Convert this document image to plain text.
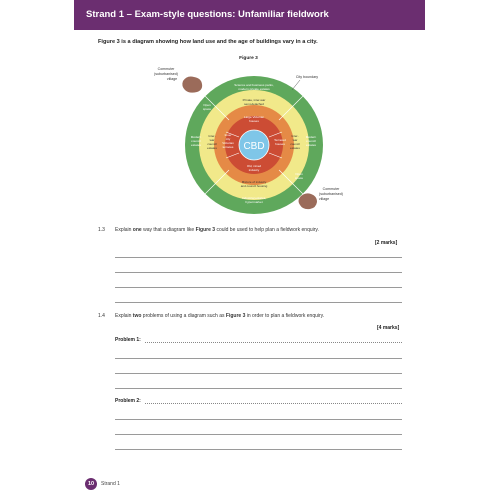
Strand 1 – Exam-style questions: Unfamiliar fieldwork
Figure 3 is a diagram showing how land use and the age of buildings vary in a city.
Figure 3
Commuter
(suburbanised)
village	City boundary
Commuter
(suburbanised)
village
Science and business parks,
modern private estates
Open
space
Modern
council
estates
Modern
council
estates
Open
space
Industrial estates,
hypermarket
Private, inter-war
semi-detached
Inter-
war
council
estates
Inter-
war
council
estates
Mixture of industry
and council housing
Large Victorian
houses
Inner
city
Victorian
terraces
Terraced
houses
Old, mixed
industry
CBD
1.3 Explain one way that a diagram like Figure 3 could be used to help plan a fieldwork enquiry.
[2 marks]
1.4 Explain two problems of using a diagram such as Figure 3 in order to plan a fieldwork enquiry.
[4 marks]
Problem 1:
Problem 2:
10	Strand 1
